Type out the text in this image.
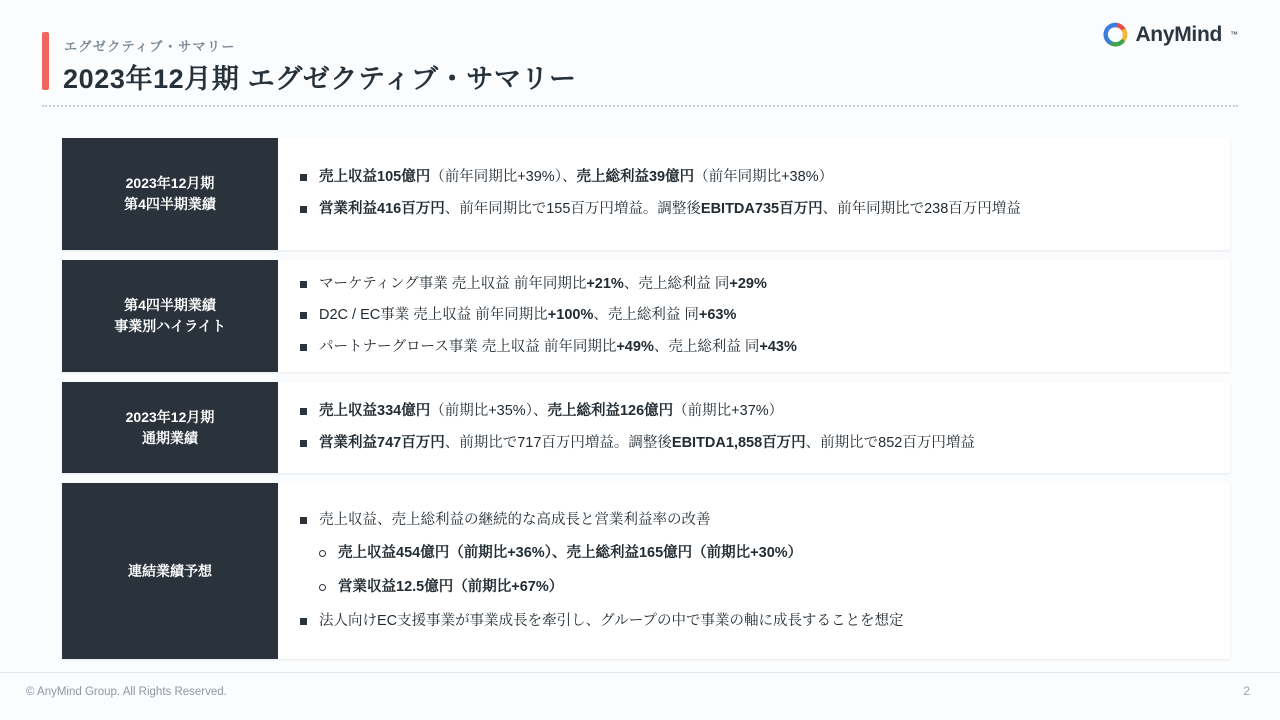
エグゼクティブ・サマリー
2023年12月期 エグゼクティブ・サマリー
AnyMind ™
2023年12月期
第4四半期業績
売上収益105億円（前年同期比+39%）、売上総利益39億円（前年同期比+38%）
営業利益416百万円、前年同期比で155百万円増益。調整後EBITDA735百万円、前年同期比で238百万円増益
第4四半期業績
事業別ハイライト
マーケティング事業 売上収益 前年同期比+21%、売上総利益 同+29%
D2C / EC事業 売上収益 前年同期比+100%、売上総利益 同+63%
パートナーグロース事業 売上収益 前年同期比+49%、売上総利益 同+43%
2023年12月期
通期業績
売上収益334億円（前期比+35%）、売上総利益126億円（前期比+37%）
営業利益747百万円、前期比で717百万円増益。調整後EBITDA1,858百万円、前期比で852百万円増益
連結業績予想
売上収益、売上総利益の継続的な高成長と営業利益率の改善
売上収益454億円（前期比+36%）、売上総利益165億円（前期比+30%）
営業収益12.5億円（前期比+67%）
法人向けEC支援事業が事業成長を牽引し、グループの中で事業の軸に成長することを想定
© AnyMind Group. All Rights Reserved.	2
